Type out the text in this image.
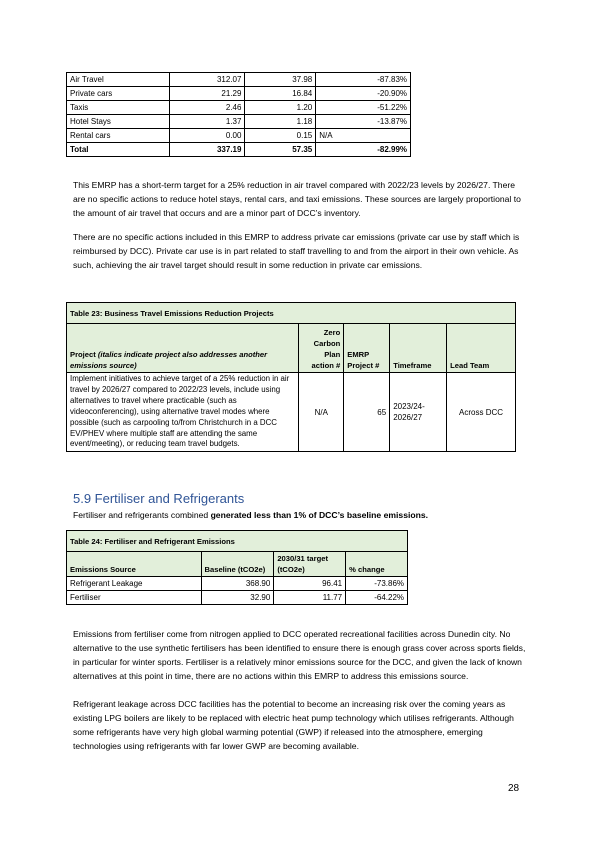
Air Travel	312.07	37.98	-87.83%
Private cars	21.29	16.84	-20.90%
Taxis	2.46	1.20	-51.22%
Hotel Stays	1.37	1.18	-13.87%
Rental cars	0.00	0.15	N/A
Total	337.19	57.35	-82.99%

This EMRP has a short-term target for a 25% reduction in air travel compared with 2022/23 levels by 2026/27. There are no specific actions to reduce hotel stays, rental cars, and taxi emissions. These sources are largely proportional to the amount of air travel that occurs and are a minor part of DCC’s inventory.

There are no specific actions included in this EMRP to address private car emissions (private car use by staff which is reimbursed by DCC). Private car use is in part related to staff travelling to and from the airport in their own vehicle. As such, achieving the air travel target should result in some reduction in private car emissions.

Table 23: Business Travel Emissions Reduction Projects				
Project (italics indicate project also addresses another emissions source)	Zero Carbon Plan action #	EMRP Project #	Timeframe	Lead Team
Implement initiatives to achieve target of a 25% reduction in air travel by 2026/27 compared to 2022/23 levels, include using alternatives to travel where practicable (such as videoconferencing), using alternative travel modes where possible (such as carpooling to/from Christchurch in a DCC EV/PHEV where multiple staff are attending the same event/meeting), or reducing team travel budgets.	N/A	65	2023/24-2026/27	Across DCC
5.9 Fertiliser and Refrigerants

Fertiliser and refrigerants combined generated less than 1% of DCC’s baseline emissions.

Table 24: Fertiliser and Refrigerant Emissions			
Emissions Source	Baseline (tCO2e)	2030/31 target (tCO2e)	% change
Refrigerant Leakage	368.90	96.41	-73.86%
Fertiliser	32.90	11.77	-64.22%

Emissions from fertiliser come from nitrogen applied to DCC operated recreational facilities across Dunedin city. No alternative to the use synthetic fertilisers has been identified to ensure there is enough grass cover across sports fields, in particular for winter sports. Fertiliser is a relatively minor emissions source for the DCC, and given the lack of known alternatives at this point in time, there are no actions within this EMRP to address this emissions source.

Refrigerant leakage across DCC facilities has the potential to become an increasing risk over the coming years as existing LPG boilers are likely to be replaced with electric heat pump technology which utilises refrigerants. Although some refrigerants have very high global warming potential (GWP) if released into the atmosphere, emerging technologies using refrigerants with far lower GWP are becoming available.

28
